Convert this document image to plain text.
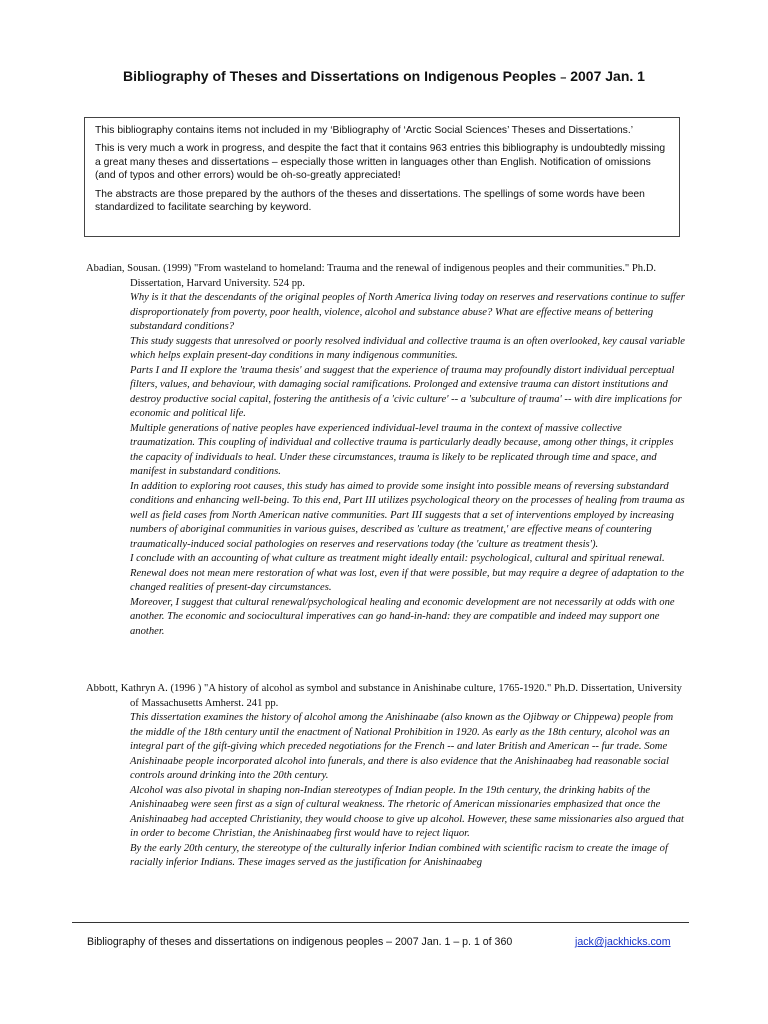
Bibliography of Theses and Dissertations on Indigenous Peoples – 2007 Jan. 1

This bibliography contains items not included in my ‘Bibliography of ‘Arctic Social Sciences’ Theses and Dissertations.’

This is very much a work in progress, and despite the fact that it contains 963 entries this bibliography is undoubtedly missing a great many theses and dissertations – especially those written in languages other than English. Notification of omissions (and of typos and other errors) would be oh-so-greatly appreciated!

The abstracts are those prepared by the authors of the theses and dissertations. The spellings of some words have been standardized to facilitate searching by keyword.

Abadian, Sousan. (1999) "From wasteland to homeland: Trauma and the renewal of indigenous peoples and their communities." Ph.D. Dissertation, Harvard University. 524 pp.

Why is it that the descendants of the original peoples of North America living today on reserves and reservations continue to suffer disproportionately from poverty, poor health, violence, alcohol and substance abuse? What are effective means of bettering substandard conditions?

This study suggests that unresolved or poorly resolved individual and collective trauma is an often overlooked, key causal variable which helps explain present-day conditions in many indigenous communities.

Parts I and II explore the 'trauma thesis' and suggest that the experience of trauma may profoundly distort individual perceptual filters, values, and behaviour, with damaging social ramifications. Prolonged and extensive trauma can distort institutions and destroy productive social capital, fostering the antithesis of a 'civic culture' -- a 'subculture of trauma' -- with dire implications for economic and political life.

Multiple generations of native peoples have experienced individual-level trauma in the context of massive collective traumatization. This coupling of individual and collective trauma is particularly deadly because, among other things, it cripples the capacity of individuals to heal. Under these circumstances, trauma is likely to be replicated through time and space, and manifest in substandard conditions.

In addition to exploring root causes, this study has aimed to provide some insight into possible means of reversing substandard conditions and enhancing well-being. To this end, Part III utilizes psychological theory on the processes of healing from trauma as well as field cases from North American native communities. Part III suggests that a set of interventions employed by increasing numbers of aboriginal communities in various guises, described as 'culture as treatment,' are effective means of countering traumatically-induced social pathologies on reserves and reservations today (the 'culture as treatment thesis').

I conclude with an accounting of what culture as treatment might ideally entail: psychological, cultural and spiritual renewal. Renewal does not mean mere restoration of what was lost, even if that were possible, but may require a degree of adaptation to the changed realities of present-day circumstances.

Moreover, I suggest that cultural renewal/psychological healing and economic development are not necessarily at odds with one another. The economic and sociocultural imperatives can go hand-in-hand: they are compatible and indeed may support one another.

Abbott, Kathryn A. (1996 ) "A history of alcohol as symbol and substance in Anishinabe culture, 1765-1920." Ph.D. Dissertation, University of Massachusetts Amherst. 241 pp.

This dissertation examines the history of alcohol among the Anishinaabe (also known as the Ojibway or Chippewa) people from the middle of the 18th century until the enactment of National Prohibition in 1920. As early as the 18th century, alcohol was an integral part of the gift-giving which preceded negotiations for the French -- and later British and American -- fur trade. Some Anishinaabe people incorporated alcohol into funerals, and there is also evidence that the Anishinaabeg had reasonable social controls around drinking into the 20th century.

Alcohol was also pivotal in shaping non-Indian stereotypes of Indian people. In the 19th century, the drinking habits of the Anishinaabeg were seen first as a sign of cultural weakness. The rhetoric of American missionaries emphasized that once the Anishinaabeg had accepted Christianity, they would choose to give up alcohol. However, these same missionaries also argued that in order to become Christian, the Anishinaabeg first would have to reject liquor.

By the early 20th century, the stereotype of the culturally inferior Indian combined with scientific racism to create the image of racially inferior Indians. These images served as the justification for Anishinaabeg

Bibliography of theses and dissertations on indigenous peoples – 2007 Jan. 1 – p. 1 of 360	jack@jackhicks.com
